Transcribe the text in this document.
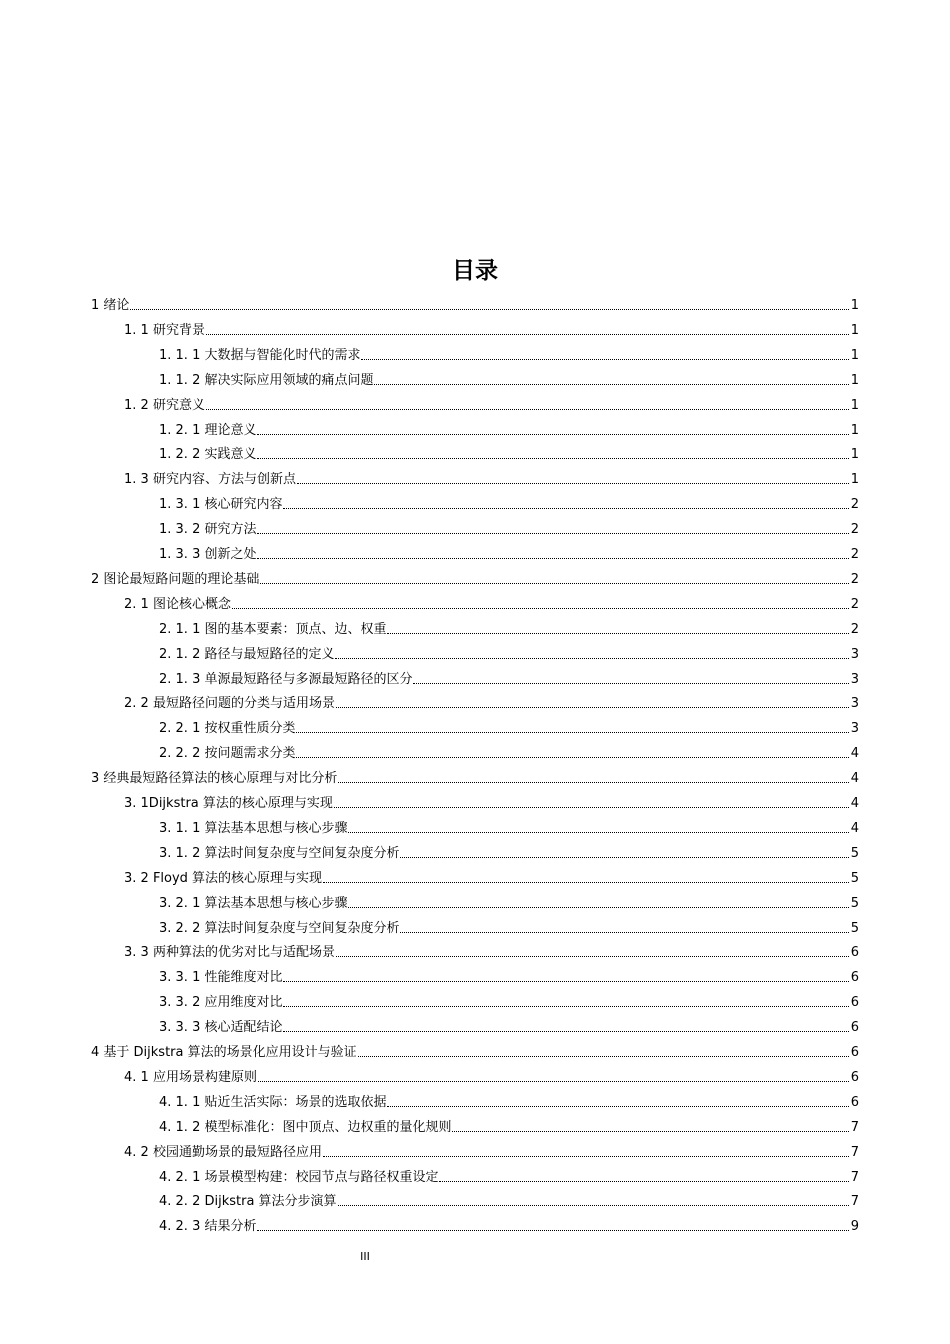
目录
1 绪论	1
1. 1 研究背景	1
1. 1. 1 大数据与智能化时代的需求	1
1. 1. 2 解决实际应用领域的痛点问题	1
1. 2 研究意义	1
1. 2. 1 理论意义	1
1. 2. 2 实践意义	1
1. 3 研究内容、方法与创新点	1
1. 3. 1 核心研究内容	2
1. 3. 2 研究方法	2
1. 3. 3 创新之处	2
2 图论最短路问题的理论基础	2
2. 1 图论核心概念	2
2. 1. 1 图的基本要素：顶点、边、权重	2
2. 1. 2 路径与最短路径的定义	3
2. 1. 3 单源最短路径与多源最短路径的区分	3
2. 2 最短路径问题的分类与适用场景	3
2. 2. 1 按权重性质分类	3
2. 2. 2 按问题需求分类	4
3 经典最短路径算法的核心原理与对比分析	4
3. 1Dijkstra 算法的核心原理与实现	4
3. 1. 1 算法基本思想与核心步骤	4
3. 1. 2 算法时间复杂度与空间复杂度分析	5
3. 2 Floyd 算法的核心原理与实现	5
3. 2. 1 算法基本思想与核心步骤	5
3. 2. 2 算法时间复杂度与空间复杂度分析	5
3. 3 两种算法的优劣对比与适配场景	6
3. 3. 1 性能维度对比	6
3. 3. 2 应用维度对比	6
3. 3. 3 核心适配结论	6
4 基于 Dijkstra 算法的场景化应用设计与验证	6
4. 1 应用场景构建原则	6
4. 1. 1 贴近生活实际：场景的选取依据	6
4. 1. 2 模型标准化：图中顶点、边权重的量化规则	7
4. 2 校园通勤场景的最短路径应用	7
4. 2. 1 场景模型构建：校园节点与路径权重设定	7
4. 2. 2 Dijkstra 算法分步演算	7
4. 2. 3 结果分析	9
III
